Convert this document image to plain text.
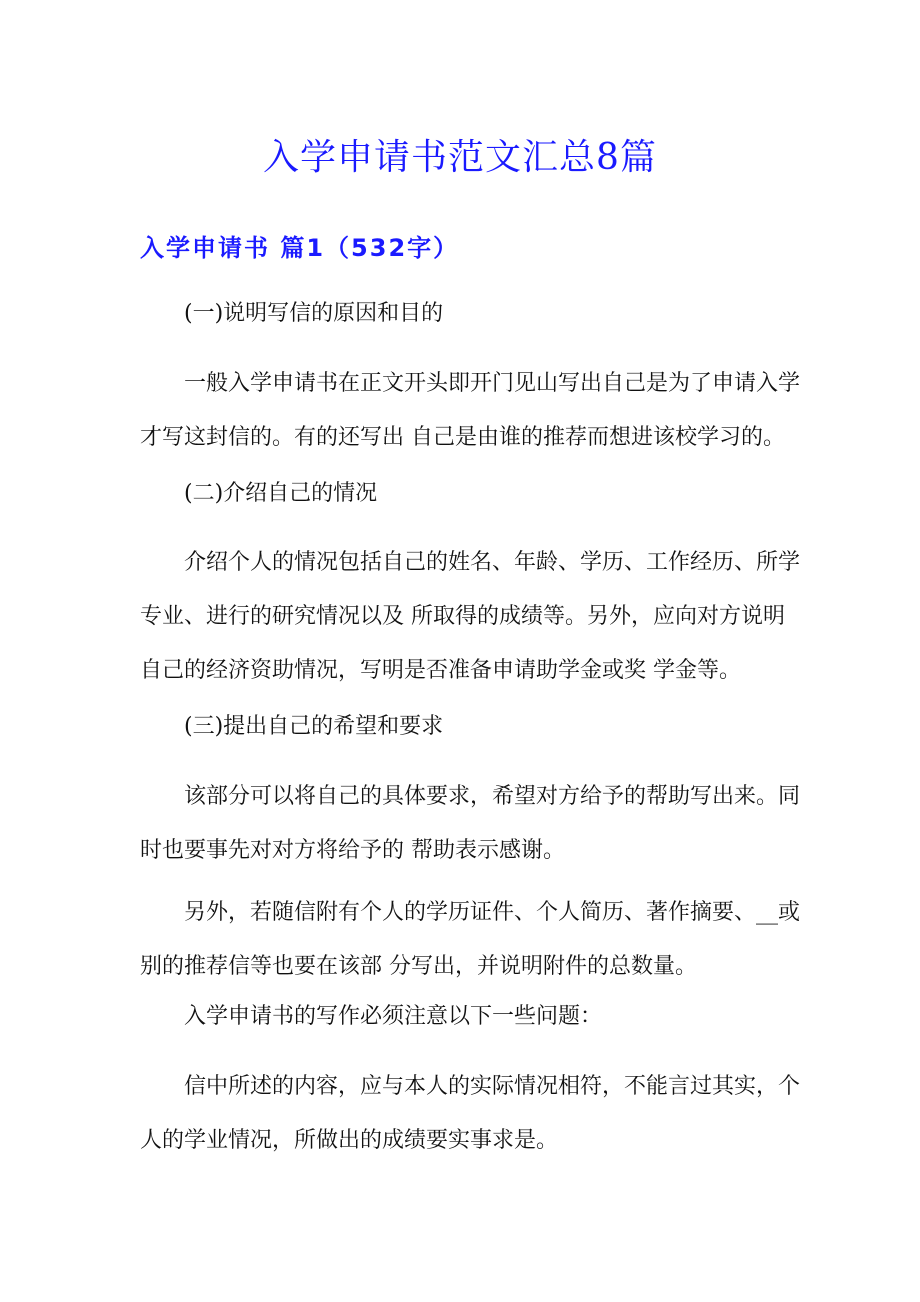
入学申请书范文汇总8篇
入学申请书 篇1（532字）
(一)说明写信的原因和目的
一般入学申请书在正文开头即开门见山写出自己是为了申请入学才写这封信的。有的还写出 自己是由谁的推荐而想进该校学习的。
(二)介绍自己的情况
介绍个人的情况包括自己的姓名、年龄、学历、工作经历、所学专业、进行的研究情况以及 所取得的成绩等。另外，应向对方说明自己的经济资助情况，写明是否准备申请助学金或奖 学金等。
(三)提出自己的希望和要求
该部分可以将自己的具体要求，希望对方给予的帮助写出来。同时也要事先对对方将给予的 帮助表示感谢。
另外，若随信附有个人的学历证件、个人简历、著作摘要、__或别的推荐信等也要在该部 分写出，并说明附件的总数量。
入学申请书的写作必须注意以下一些问题：
信中所述的内容，应与本人的实际情况相符，不能言过其实，个人的学业情况，所做出的成绩要实事求是。
